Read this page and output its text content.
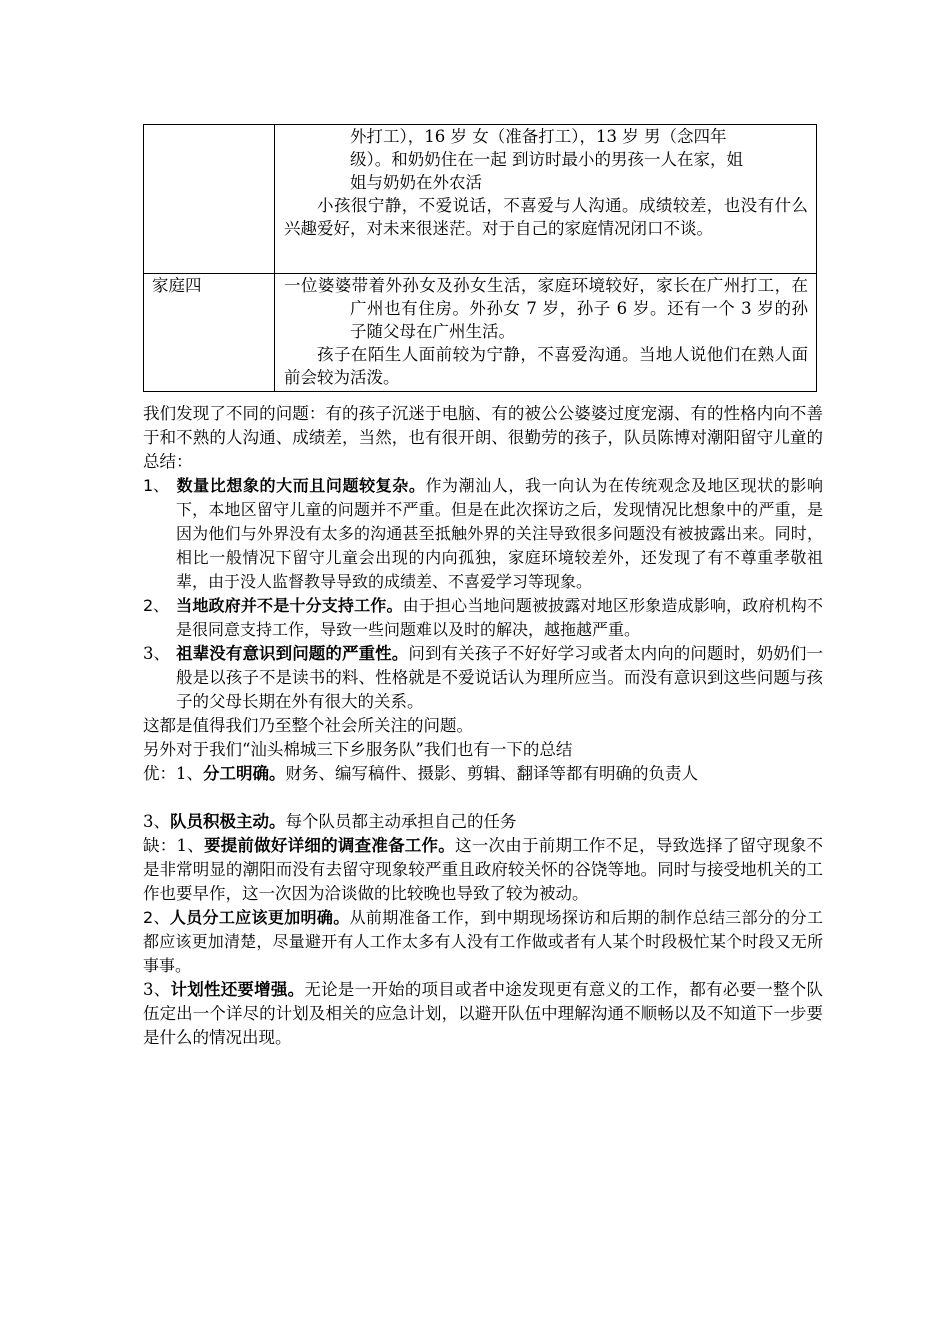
	外打工），16 岁 女（准备打工），13 岁 男（念四年
级）。和奶奶住在一起 到访时最小的男孩一人在家，姐
姐与奶奶在外农活
小孩很宁静，不爱说话，不喜爱与人沟通。成绩较差，也没有什么兴趣爱好，对未来很迷茫。对于自己的家庭情况闭口不谈。

家庭四	一位婆婆带着外孙女及孙女生活，家庭环境较好，家长在广州打工，在广州也有住房。外孙女 7 岁，孙子 6 岁。还有一个 3 岁的孙子随父母在广州生活。
孩子在陌生人面前较为宁静，不喜爱沟通。当地人说他们在熟人面前会较为活泼。

我们发现了不同的问题：有的孩子沉迷于电脑、有的被公公婆婆过度宠溺、有的性格内向不善于和不熟的人沟通、成绩差，当然，也有很开朗、很勤劳的孩子，队员陈博对潮阳留守儿童的总结：

1、 数量比想象的大而且问题较复杂。作为潮汕人，我一向认为在传统观念及地区现状的影响下，本地区留守儿童的问题并不严重。但是在此次探访之后，发现情况比想象中的严重，是因为他们与外界没有太多的沟通甚至抵触外界的关注导致很多问题没有被披露出来。同时，相比一般情况下留守儿童会出现的内向孤独，家庭环境较差外，还发现了有不尊重孝敬祖辈，由于没人监督教导导致的成绩差、不喜爱学习等现象。
2、 当地政府并不是十分支持工作。由于担心当地问题被披露对地区形象造成影响，政府机构不是很同意支持工作，导致一些问题难以及时的解决，越拖越严重。
3、 祖辈没有意识到问题的严重性。问到有关孩子不好好学习或者太内向的问题时，奶奶们一般是以孩子不是读书的料、性格就是不爱说话认为理所应当。而没有意识到这些问题与孩子的父母长期在外有很大的关系。

这都是值得我们乃至整个社会所关注的问题。

另外对于我们“汕头棉城三下乡服务队”我们也有一下的总结

优：1、分工明确。财务、编写稿件、摄影、剪辑、翻译等都有明确的负责人

3、队员积极主动。每个队员都主动承担自己的任务

缺：1、要提前做好详细的调查准备工作。这一次由于前期工作不足，导致选择了留守现象不是非常明显的潮阳而没有去留守现象较严重且政府较关怀的谷饶等地。同时与接受地机关的工作也要早作，这一次因为洽谈做的比较晚也导致了较为被动。

2、人员分工应该更加明确。从前期准备工作，到中期现场探访和后期的制作总结三部分的分工都应该更加清楚，尽量避开有人工作太多有人没有工作做或者有人某个时段极忙某个时段又无所事事。

3、计划性还要增强。无论是一开始的项目或者中途发现更有意义的工作，都有必要一整个队伍定出一个详尽的计划及相关的应急计划，以避开队伍中理解沟通不顺畅以及不知道下一步要是什么的情况出现。
